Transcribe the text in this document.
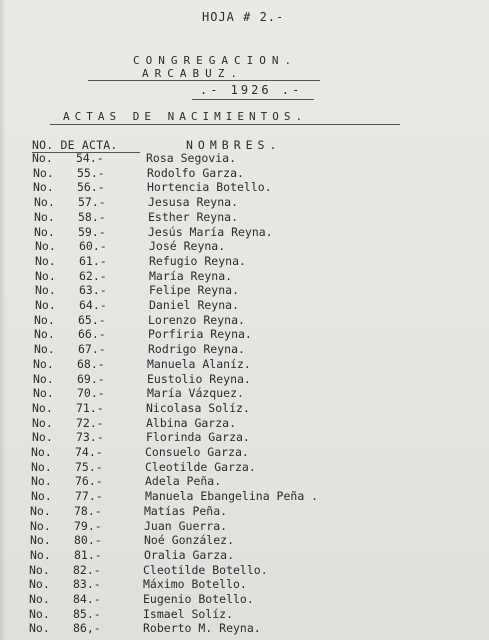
HOJA # 2.-
CONGREGACION.
ARCABUZ.
.- 1926 .-
ACTAS DE NACIMIENTOS.
NO. DE ACTA.	NOMBRES.
No. 54.-	Rosa Segovia.
No. 55.-	Rodolfo Garza.
No. 56.-	Hortencia Botello.
No. 57.-	Jesusa Reyna.
No. 58.-	Esther Reyna.
No. 59.-	Jesús María Reyna.
No. 60.-	José Reyna.
No. 61.-	Refugio Reyna.
No. 62.-	María Reyna.
No. 63.-	Felipe Reyna.
No. 64.-	Daniel Reyna.
No. 65.-	Lorenzo Reyna.
No. 66.-	Porfiria Reyna.
No. 67.-	Rodrigo Reyna.
No. 68.-	Manuela Alaníz.
No. 69.-	Eustolio Reyna.
No. 70.-	María Vázquez.
No. 71.-	Nicolasa Solíz.
No. 72.-	Albina Garza.
No. 73.-	Florinda Garza.
No. 74.-	Consuelo Garza.
No. 75.-	Cleotilde Garza.
No. 76.-	Adela Peña.
No. 77.-	Manuela Ebangelina Peña .
No. 78.-	Matías Peña.
No. 79.-	Juan Guerra.
No. 80.-	Noé González.
No. 81.-	Oralia Garza.
No. 82.-	Cleotilde Botello.
No. 83.-	Máximo Botello.
No. 84.-	Eugenio Botello.
No. 85.-	Ismael Solíz.
No. 86,-	Roberto M. Reyna.
